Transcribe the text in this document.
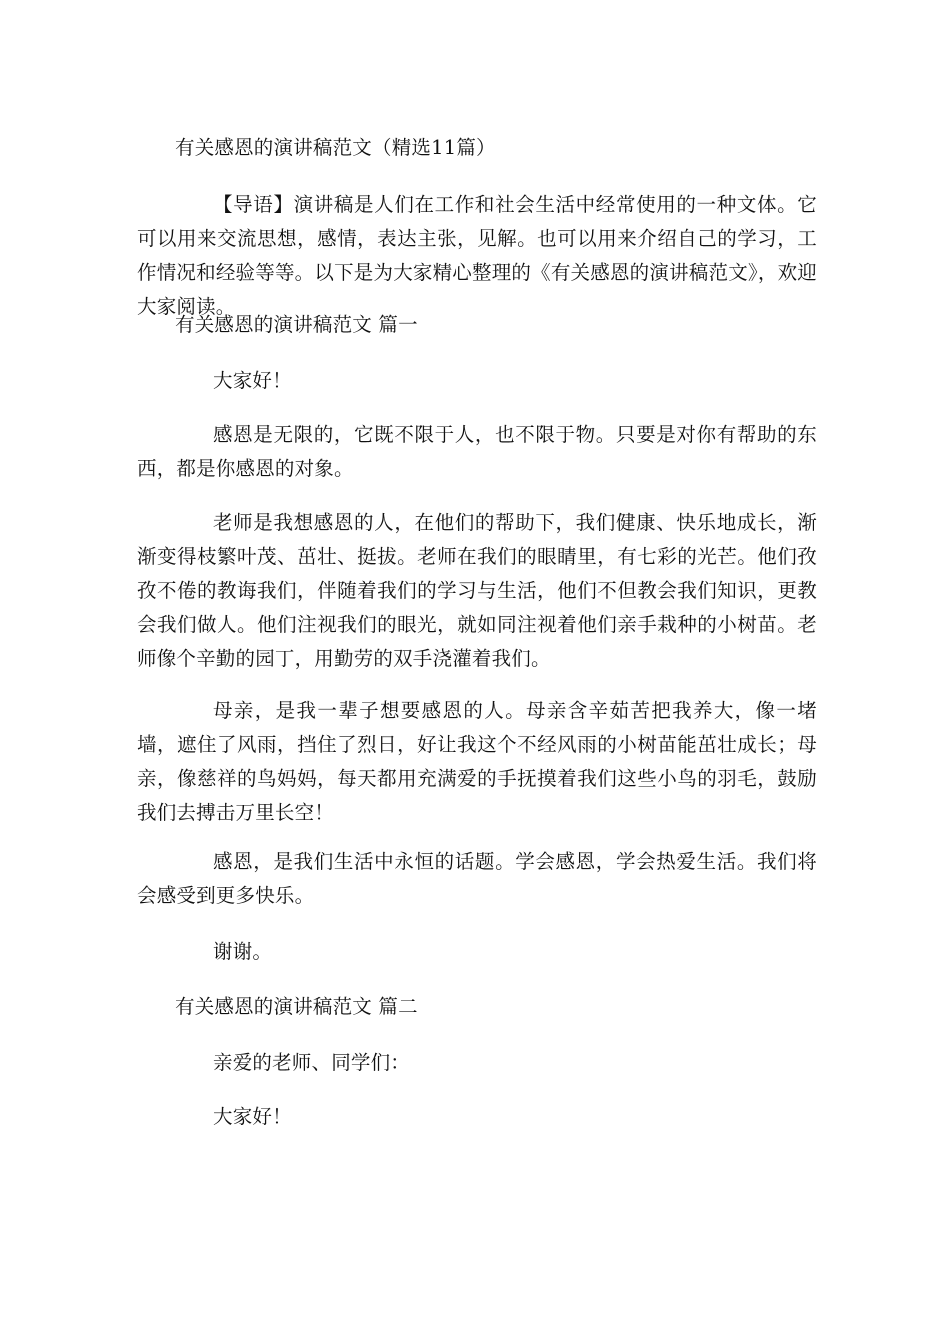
有关感恩的演讲稿范文（精选11篇）
【导语】演讲稿是人们在工作和社会生活中经常使用的一种文体。它可以用来交流思想，感情，表达主张，见解。也可以用来介绍自己的学习，工作情况和经验等等。以下是为大家精心整理的《有关感恩的演讲稿范文》，欢迎大家阅读。
有关感恩的演讲稿范文 篇一
大家好！
感恩是无限的，它既不限于人，也不限于物。只要是对你有帮助的东西，都是你感恩的对象。
老师是我想感恩的人，在他们的帮助下，我们健康、快乐地成长，渐渐变得枝繁叶茂、茁壮、挺拔。老师在我们的眼睛里，有七彩的光芒。他们孜孜不倦的教诲我们，伴随着我们的学习与生活，他们不但教会我们知识，更教会我们做人。他们注视我们的眼光，就如同注视着他们亲手栽种的小树苗。老师像个辛勤的园丁，用勤劳的双手浇灌着我们。
母亲，是我一辈子想要感恩的人。母亲含辛茹苦把我养大，像一堵墙，遮住了风雨，挡住了烈日，好让我这个不经风雨的小树苗能茁壮成长；母亲，像慈祥的鸟妈妈，每天都用充满爱的手抚摸着我们这些小鸟的羽毛，鼓励我们去搏击万里长空！
感恩，是我们生活中永恒的话题。学会感恩，学会热爱生活。我们将会感受到更多快乐。
谢谢。
有关感恩的演讲稿范文 篇二
亲爱的老师、同学们：
大家好！
